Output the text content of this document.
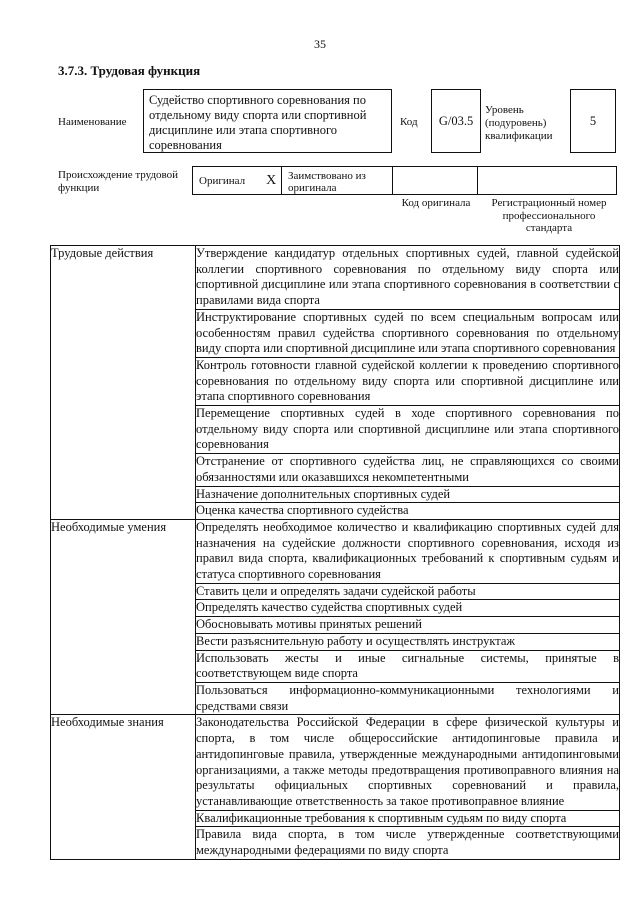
35
3.7.3. Трудовая функция
Наименование
Судейство спортивного соревнования по отдельному виду спорта или спортивной дисциплине или этапа спортивного соревнования
Код	G/03.5
Уровень (подуровень) квалификации
5
Происхождение трудовой функции
Оригинал X	Заимствовано из оригинала
Код оригинала	Регистрационный номер профессионального стандарта
Трудовые действия	Утверждение кандидатур отдельных спортивных судей, главной судейской коллегии спортивного соревнования по отдельному виду спорта или спортивной дисциплине или этапа спортивного соревнования в соответствии с правилами вида спорта
	Инструктирование спортивных судей по всем специальным вопросам или особенностям правил судейства спортивного соревнования по отдельному виду спорта или спортивной дисциплине или этапа спортивного соревнования
	Контроль готовности главной судейской коллегии к проведению спортивного соревнования по отдельному виду спорта или спортивной дисциплине или этапа спортивного соревнования
	Перемещение спортивных судей в ходе спортивного соревнования по отдельному виду спорта или спортивной дисциплине или этапа спортивного соревнования
	Отстранение от спортивного судейства лиц, не справляющихся со своими обязанностями или оказавшихся некомпетентными
	Назначение дополнительных спортивных судей
	Оценка качества спортивного судейства
Необходимые умения	Определять необходимое количество и квалификацию спортивных судей для назначения на судейские должности спортивного соревнования, исходя из правил вида спорта, квалификационных требований к спортивным судьям и статуса спортивного соревнования
	Ставить цели и определять задачи судейской работы
	Определять качество судейства спортивных судей
	Обосновывать мотивы принятых решений
	Вести разъяснительную работу и осуществлять инструктаж
	Использовать жесты и иные сигнальные системы, принятые в соответствующем виде спорта
	Пользоваться информационно-коммуникационными технологиями и средствами связи
Необходимые знания	Законодательства Российской Федерации в сфере физической культуры и спорта, в том числе общероссийские антидопинговые правила и антидопинговые правила, утвержденные международными антидопинговыми организациями, а также методы предотвращения противоправного влияния на результаты официальных спортивных соревнований и правила, устанавливающие ответственность за такое противоправное влияние
	Квалификационные требования к спортивным судьям по виду спорта
	Правила вида спорта, в том числе утвержденные соответствующими международными федерациями по виду спорта
